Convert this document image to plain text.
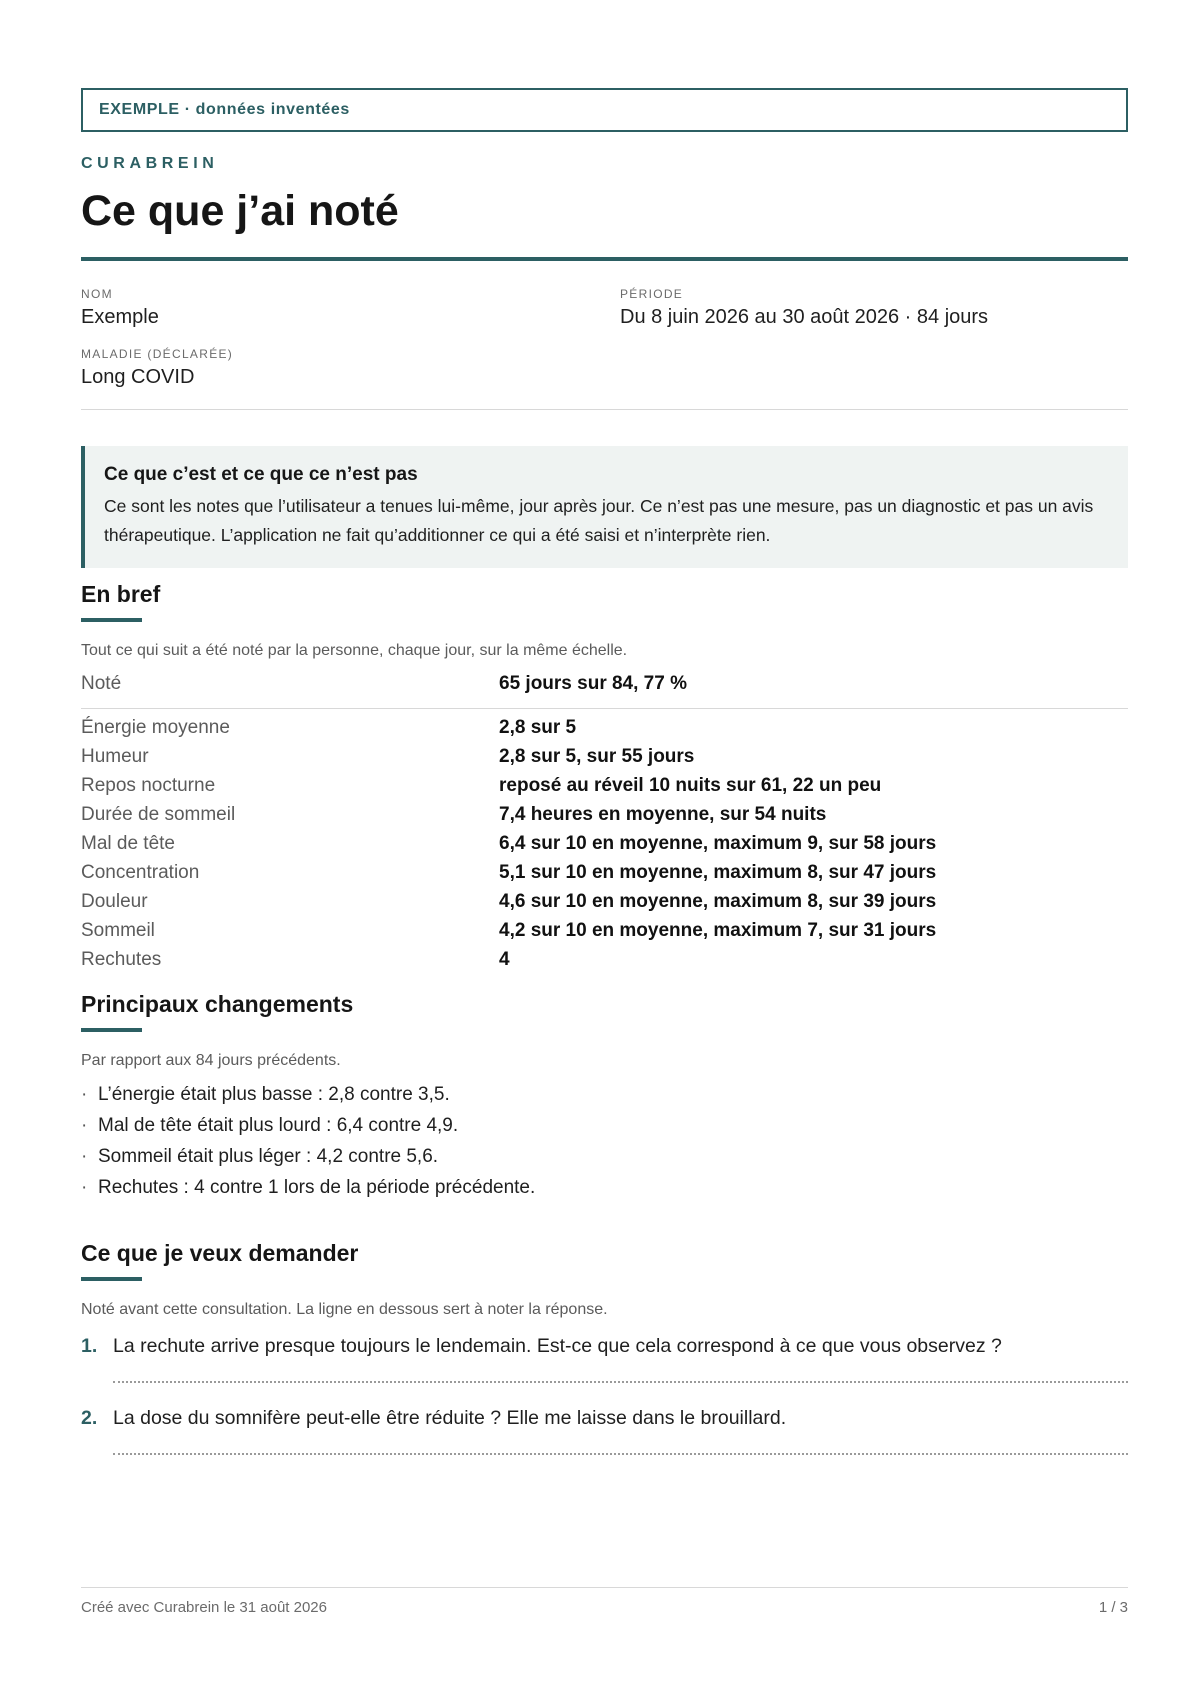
EXEMPLE · données inventées
CURABREIN
Ce que j’ai noté
NOM
Exemple
PÉRIODE
Du 8 juin 2026 au 30 août 2026 · 84 jours
MALADIE (DÉCLARÉE)
Long COVID
Ce que c’est et ce que ce n’est pas
Ce sont les notes que l’utilisateur a tenues lui-même, jour après jour. Ce n’est pas une mesure, pas un diagnostic et pas un avis thérapeutique. L’application ne fait qu’additionner ce qui a été saisi et n’interprète rien.
En bref
Tout ce qui suit a été noté par la personne, chaque jour, sur la même échelle.
Noté	65 jours sur 84, 77 %
Énergie moyenne	2,8 sur 5
Humeur	2,8 sur 5, sur 55 jours
Repos nocturne	reposé au réveil 10 nuits sur 61, 22 un peu
Durée de sommeil	7,4 heures en moyenne, sur 54 nuits
Mal de tête	6,4 sur 10 en moyenne, maximum 9, sur 58 jours
Concentration	5,1 sur 10 en moyenne, maximum 8, sur 47 jours
Douleur	4,6 sur 10 en moyenne, maximum 8, sur 39 jours
Sommeil	4,2 sur 10 en moyenne, maximum 7, sur 31 jours
Rechutes	4
Principaux changements
Par rapport aux 84 jours précédents.
· L’énergie était plus basse : 2,8 contre 3,5.
· Mal de tête était plus lourd : 6,4 contre 4,9.
· Sommeil était plus léger : 4,2 contre 5,6.
· Rechutes : 4 contre 1 lors de la période précédente.
Ce que je veux demander
Noté avant cette consultation. La ligne en dessous sert à noter la réponse.
1. La rechute arrive presque toujours le lendemain. Est-ce que cela correspond à ce que vous observez ?
2. La dose du somnifère peut-elle être réduite ? Elle me laisse dans le brouillard.
Créé avec Curabrein le 31 août 2026	1 / 3
